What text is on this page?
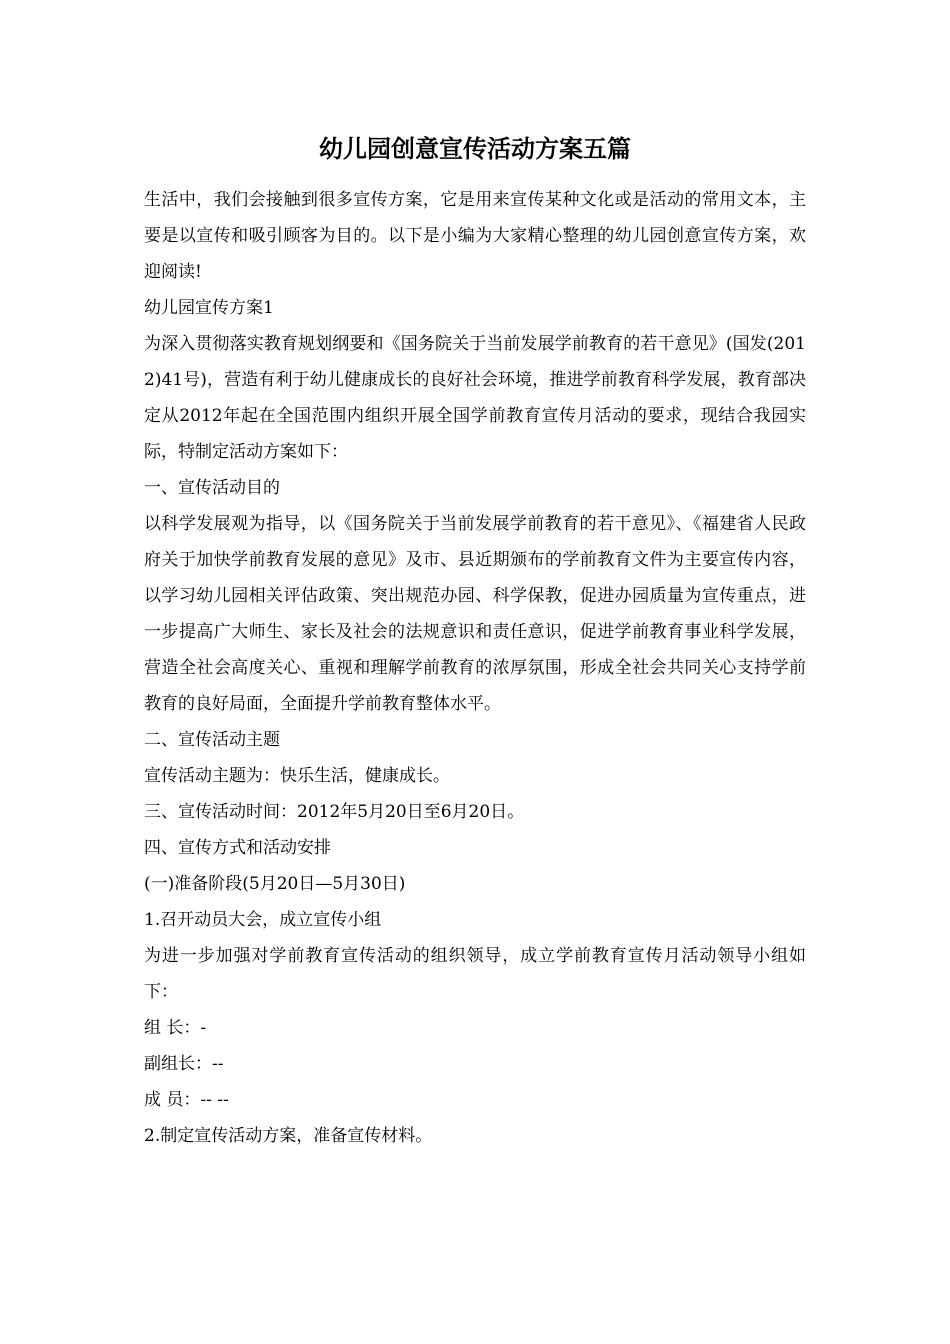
幼儿园创意宣传活动方案五篇

生活中，我们会接触到很多宣传方案，它是用来宣传某种文化或是活动的常用文本，主要是以宣传和吸引顾客为目的。以下是小编为大家精心整理的幼儿园创意宣传方案，欢迎阅读!

幼儿园宣传方案1

为深入贯彻落实教育规划纲要和《国务院关于当前发展学前教育的若干意见》(国发(2012)41号)，营造有利于幼儿健康成长的良好社会环境，推进学前教育科学发展，教育部决定从2012年起在全国范围内组织开展全国学前教育宣传月活动的要求，现结合我园实际，特制定活动方案如下：

一、宣传活动目的

以科学发展观为指导，以《国务院关于当前发展学前教育的若干意见》、《福建省人民政府关于加快学前教育发展的意见》及市、县近期颁布的学前教育文件为主要宣传内容，以学习幼儿园相关评估政策、突出规范办园、科学保教，促进办园质量为宣传重点，进一步提高广大师生、家长及社会的法规意识和责任意识，促进学前教育事业科学发展，营造全社会高度关心、重视和理解学前教育的浓厚氛围，形成全社会共同关心支持学前教育的良好局面，全面提升学前教育整体水平。

二、宣传活动主题

宣传活动主题为：快乐生活，健康成长。

三、宣传活动时间：2012年5月20日至6月20日。

四、宣传方式和活动安排

(一)准备阶段(5月20日—5月30日)

1.召开动员大会，成立宣传小组

为进一步加强对学前教育宣传活动的组织领导，成立学前教育宣传月活动领导小组如下：

组 长：-

副组长：--

成 员：-- --

2.制定宣传活动方案，准备宣传材料。
